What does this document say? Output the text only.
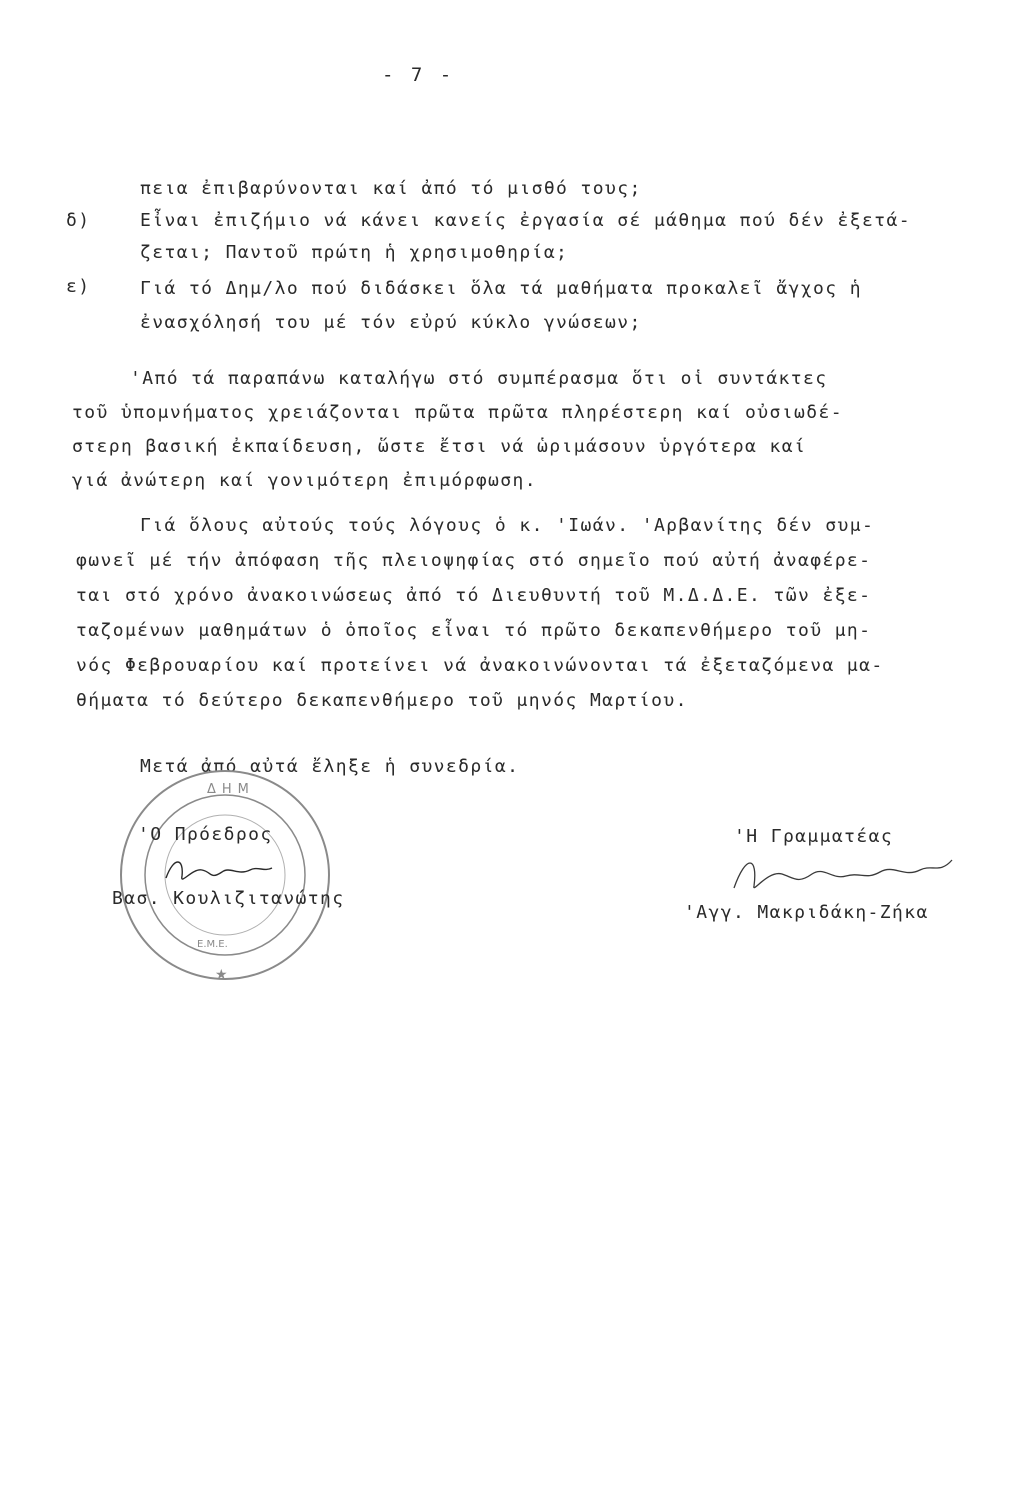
- 7 -
πεια ἐπιβαρύνονται καί ἀπό τό μισθό τους;
δ)	Εἶναι ἐπιζήμιο νά κάνει κανείς ἐργασία σέ μάθημα πού δέν ἐξετά-
ζεται; Παντοῦ πρώτη ἡ χρησιμοθηρία;
ε)	Γιά τό Δημ/λο πού διδάσκει ὅλα τά μαθήματα προκαλεῖ ἄγχος ἡ
ἐνασχόλησή του μέ τόν εὐρύ κύκλο γνώσεων;
'Από τά παραπάνω καταλήγω στό συμπέρασμα ὅτι οἱ συντάκτες
τοῦ ὑπομνήματος χρειάζονται πρῶτα πρῶτα πληρέστερη καί οὐσιωδέ-
στερη βασική ἐκπαίδευση, ὥστε ἔτσι νά ὡριμάσουν ὑργότερα καί
γιά ἀνώτερη καί γονιμότερη ἐπιμόρφωση.
Γιά ὅλους αὐτούς τούς λόγους ὁ κ. 'Ιωάν. 'Αρβανίτης δέν συμ-
φωνεῖ μέ τήν ἀπόφαση τῆς πλειοψηφίας στό σημεῖο πού αὐτή ἀναφέρε-
ται στό χρόνο ἀνακοινώσεως ἀπό τό Διευθυντή τοῦ Μ.Δ.Δ.Ε. τῶν ἐξε-
ταζομένων μαθημάτων ὁ ὁποῖος εἶναι τό πρῶτο δεκαπενθήμερο τοῦ μη-
νός Φεβρουαρίου καί προτείνει νά ἀνακοινώνονται τά ἐξεταζόμενα μα-
θήματα τό δεύτερο δεκαπενθήμερο τοῦ μηνός Μαρτίου.
Μετά ἀπό αὐτά ἔληξε ἡ συνεδρία.
ΔΗΜ
Ε.Μ.Ε.
★
'Ο Πρόεδρος
Βασ. Κουλιζιτανώτης
'Η Γραμματέας
'Αγγ. Μακριδάκη-Ζήκα
